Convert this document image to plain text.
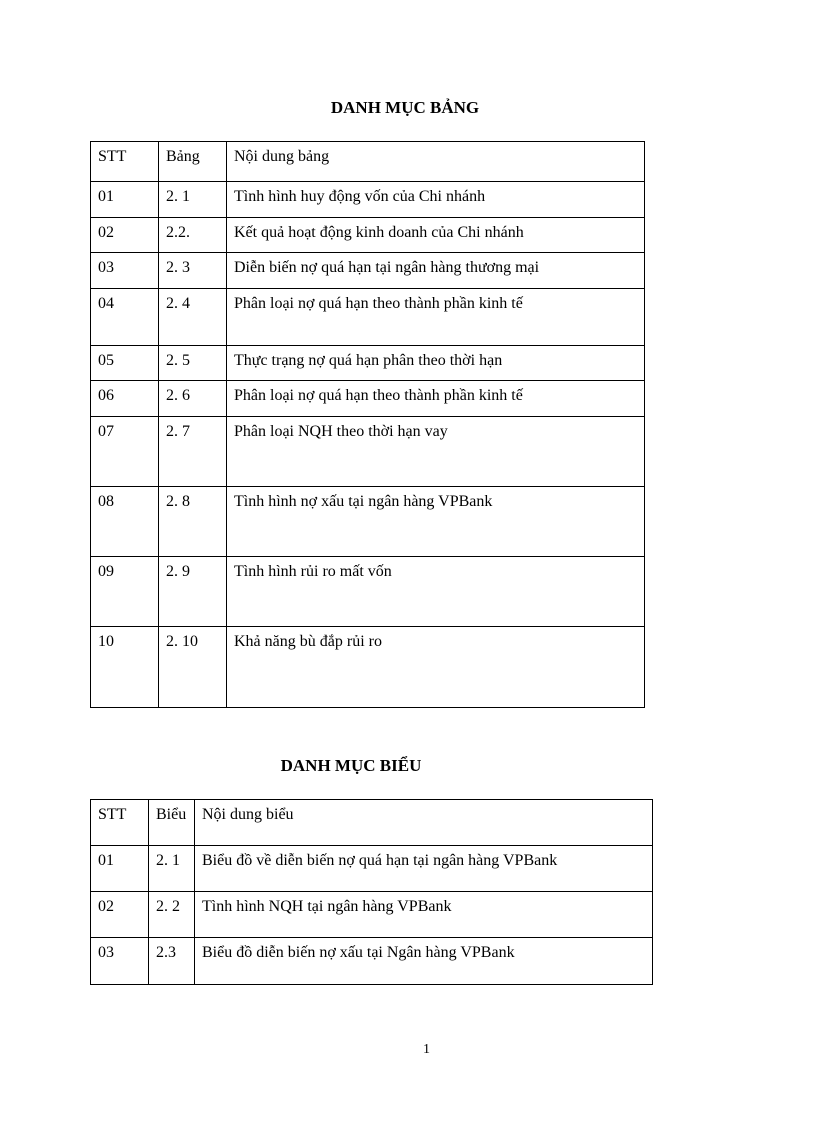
DANH MỤC BẢNG
STT	Bảng	Nội dung bảng
01	2. 1	Tình hình huy động vốn của Chi nhánh
02	2.2.	Kết quả hoạt động kinh doanh của Chi nhánh
03	2. 3	Diễn biến nợ quá hạn tại ngân hàng thương mại
04	2. 4	Phân loại nợ quá hạn theo thành phần kinh tế
05	2. 5	Thực trạng nợ quá hạn phân theo thời hạn
06	2. 6	Phân loại nợ quá hạn theo thành phần kinh tế
07	2. 7	Phân loại NQH theo thời hạn vay
08	2. 8	Tình hình nợ xấu tại ngân hàng VPBank
09	2. 9	Tình hình rủi ro mất vốn
10	2. 10	Khả năng bù đắp rủi ro
DANH MỤC BIỂU
STT	Biểu	Nội dung biểu
01	2. 1	Biểu đồ về diễn biến nợ quá hạn tại ngân hàng VPBank
02	2. 2	Tình hình NQH tại ngân hàng VPBank
03	2.3	Biểu đồ diễn biến nợ xấu tại Ngân hàng VPBank
1
